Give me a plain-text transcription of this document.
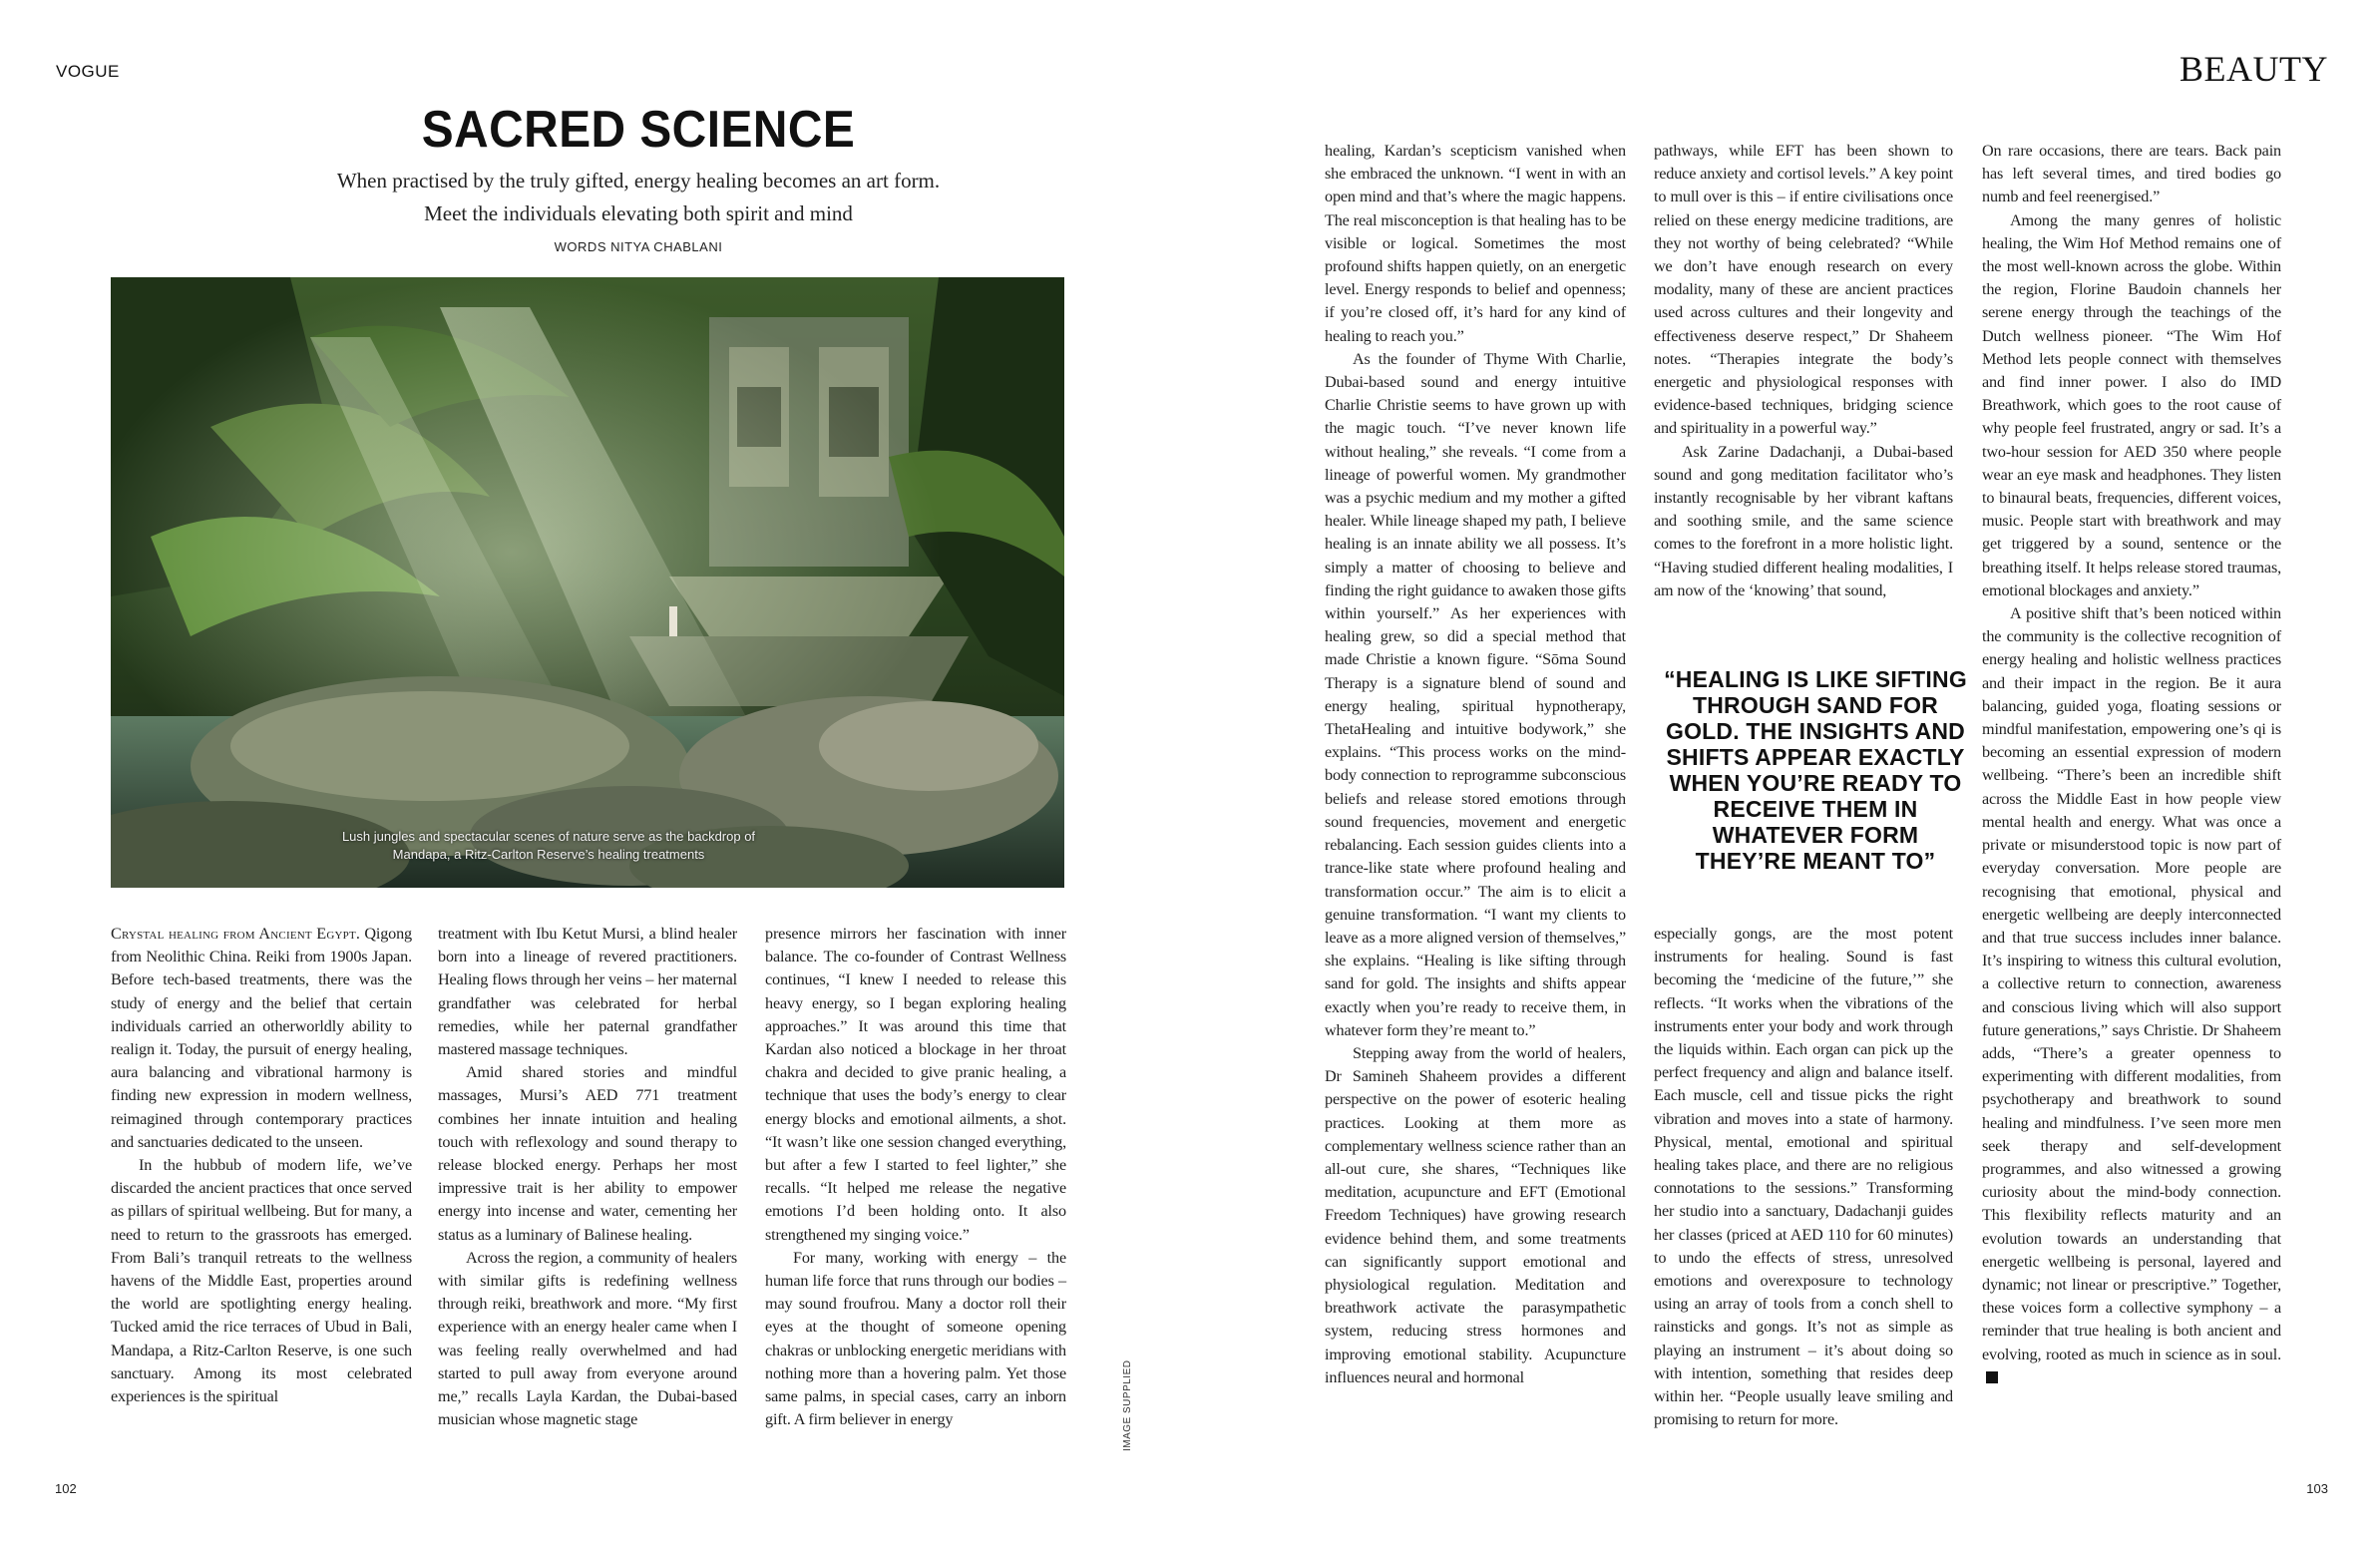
VOGUE
SACRED SCIENCE
When practised by the truly gifted, energy healing becomes an art form.
Meet the individuals elevating both spirit and mind
WORDS NITYA CHABLANI
Lush jungles and spectacular scenes of nature serve as the backdrop of
Mandapa, a Ritz-Carlton Reserve’s healing treatments

Crystal healing from Ancient Egypt. Qigong from Neolithic China. Reiki from 1900s Japan. Before tech-based treatments, there was the study of energy and the belief that certain individuals carried an otherworldly ability to realign it. Today, the pursuit of energy healing, aura balancing and vibrational harmony is finding new expression in modern wellness, reimagined through contemporary practices and sanctuaries dedicated to the unseen.

In the hubbub of modern life, we’ve discarded the ancient practices that once served as pillars of spiritual wellbeing. But for many, a need to return to the grassroots has emerged. From Bali’s tranquil retreats to the wellness havens of the Middle East, properties around the world are spotlighting energy healing. Tucked amid the rice terraces of Ubud in Bali, Mandapa, a Ritz-Carlton Reserve, is one such sanctuary. Among its most celebrated experiences is the spiritual

treatment with Ibu Ketut Mursi, a blind healer born into a lineage of revered practitioners. Healing flows through her veins – her maternal grandfather was celebrated for herbal remedies, while her paternal grandfather mastered massage techniques.

Amid shared stories and mindful massages, Mursi’s AED 771 treatment combines her innate intuition and healing touch with reflexology and sound therapy to release blocked energy. Perhaps her most impressive trait is her ability to empower energy into incense and water, cementing her status as a luminary of Balinese healing.

Across the region, a community of healers with similar gifts is redefining wellness through reiki, breathwork and more. “My first experience with an energy healer came when I was feeling really overwhelmed and had started to pull away from everyone around me,” recalls Layla Kardan, the Dubai-based musician whose magnetic stage

presence mirrors her fascination with inner balance. The co-founder of Contrast Wellness continues, “I knew I needed to release this heavy energy, so I began exploring healing approaches.” It was around this time that Kardan also noticed a blockage in her throat chakra and decided to give pranic healing, a technique that uses the body’s energy to clear energy blocks and emotional ailments, a shot. “It wasn’t like one session changed everything, but after a few I started to feel lighter,” she recalls. “It helped me release the negative emotions I’d been holding onto. It also strengthened my singing voice.”

For many, working with energy – the human life force that runs through our bodies – may sound froufrou. Many a doctor roll their eyes at the thought of someone opening chakras or unblocking energetic meridians with nothing more than a hovering palm. Yet those same palms, in special cases, carry an inborn gift. A firm believer in energy	IMAGE SUPPLIED
102
BEAUTY
103

healing, Kardan’s scepticism vanished when she embraced the unknown. “I went in with an open mind and that’s where the magic happens. The real misconception is that healing has to be visible or logical. Sometimes the most profound shifts happen quietly, on an energetic level. Energy responds to belief and openness; if you’re closed off, it’s hard for any kind of healing to reach you.”

As the founder of Thyme With Charlie, Dubai-based sound and energy intuitive Charlie Christie seems to have grown up with the magic touch. “I’ve never known life without healing,” she reveals. “I come from a lineage of powerful women. My grandmother was a psychic medium and my mother a gifted healer. While lineage shaped my path, I believe healing is an innate ability we all possess. It’s simply a matter of choosing to believe and finding the right guidance to awaken those gifts within yourself.” As her experiences with healing grew, so did a special method that made Christie a known figure. “Sōma Sound Therapy is a signature blend of sound and energy healing, spiritual hypnotherapy, ThetaHealing and intuitive bodywork,” she explains. “This process works on the mind-body connection to reprogramme subconscious beliefs and release stored emotions through sound frequencies, movement and energetic rebalancing. Each session guides clients into a trance-like state where profound healing and transformation occur.” The aim is to elicit a genuine transformation. “I want my clients to leave as a more aligned version of themselves,” she explains. “Healing is like sifting through sand for gold. The insights and shifts appear exactly when you’re ready to receive them, in whatever form they’re meant to.”

Stepping away from the world of healers, Dr Samineh Shaheem provides a different perspective on the power of esoteric healing practices. Looking at them more as complementary wellness science rather than an all-out cure, she shares, “Techniques like meditation, acupuncture and EFT (Emotional Freedom Techniques) have growing research evidence behind them, and some treatments can significantly support emotional and physiological regulation. Meditation and breathwork activate the parasympathetic system, reducing stress hormones and improving emotional stability. Acupuncture influences neural and hormonal

pathways, while EFT has been shown to reduce anxiety and cortisol levels.” A key point to mull over is this – if entire civilisations once relied on these energy medicine traditions, are they not worthy of being celebrated? “While we don’t have enough research on every modality, many of these are ancient practices used across cultures and their longevity and effectiveness deserve respect,” Dr Shaheem notes. “Therapies integrate the body’s energetic and physiological responses with evidence-based techniques, bridging science and spirituality in a powerful way.”

Ask Zarine Dadachanji, a Dubai-based sound and gong meditation facilitator who’s instantly recognisable by her vibrant kaftans and soothing smile, and the same science comes to the forefront in a more holistic light. “Having studied different healing modalities, I am now of the ‘knowing’ that sound,

“HEALING IS LIKE SIFTING THROUGH SAND FOR GOLD. THE INSIGHTS AND SHIFTS APPEAR EXACTLY WHEN YOU’RE READY TO RECEIVE THEM IN WHATEVER FORM THEY’RE MEANT TO”

especially gongs, are the most potent instruments for healing. Sound is fast becoming the ‘medicine of the future,’” she reflects. “It works when the vibrations of the instruments enter your body and work through the liquids within. Each organ can pick up the perfect frequency and align and balance itself. Each muscle, cell and tissue picks the right vibration and moves into a state of harmony. Physical, mental, emotional and spiritual healing takes place, and there are no religious connotations to the sessions.” Transforming her studio into a sanctuary, Dadachanji guides her classes (priced at AED 110 for 60 minutes) to undo the effects of stress, unresolved emotions and overexposure to technology using an array of tools from a conch shell to rainsticks and gongs. It’s not as simple as playing an instrument – it’s about doing so with intention, something that resides deep within her. “People usually leave smiling and promising to return for more.

On rare occasions, there are tears. Back pain has left several times, and tired bodies go numb and feel reenergised.”

Among the many genres of holistic healing, the Wim Hof Method remains one of the most well-known across the globe. Within the region, Florine Baudoin channels her serene energy through the teachings of the Dutch wellness pioneer. “The Wim Hof Method lets people connect with themselves and find inner power. I also do IMD Breathwork, which goes to the root cause of why people feel frustrated, angry or sad. It’s a two-hour session for AED 350 where people wear an eye mask and headphones. They listen to binaural beats, frequencies, different voices, music. People start with breathwork and may get triggered by a sound, sentence or the breathing itself. It helps release stored traumas, emotional blockages and anxiety.”

A positive shift that’s been noticed within the community is the collective recognition of energy healing and holistic wellness practices and their impact in the region. Be it aura balancing, guided yoga, floating sessions or mindful manifestation, empowering one’s qi is becoming an essential expression of modern wellbeing. “There’s been an incredible shift across the Middle East in how people view mental health and energy. What was once a private or misunderstood topic is now part of everyday conversation. More people are recognising that emotional, physical and energetic wellbeing are deeply interconnected and that true success includes inner balance. It’s inspiring to witness this cultural evolution, a collective return to connection, awareness and conscious living which will also support future generations,” says Christie. Dr Shaheem adds, “There’s a greater openness to experimenting with different modalities, from psychotherapy and breathwork to sound healing and mindfulness. I’ve seen more men seek therapy and self-development programmes, and also witnessed a growing curiosity about the mind-body connection. This flexibility reflects maturity and an evolution towards an understanding that energetic wellbeing is personal, layered and dynamic; not linear or prescriptive.” Together, these voices form a collective symphony – a reminder that true healing is both ancient and evolving, rooted as much in science as in soul.
